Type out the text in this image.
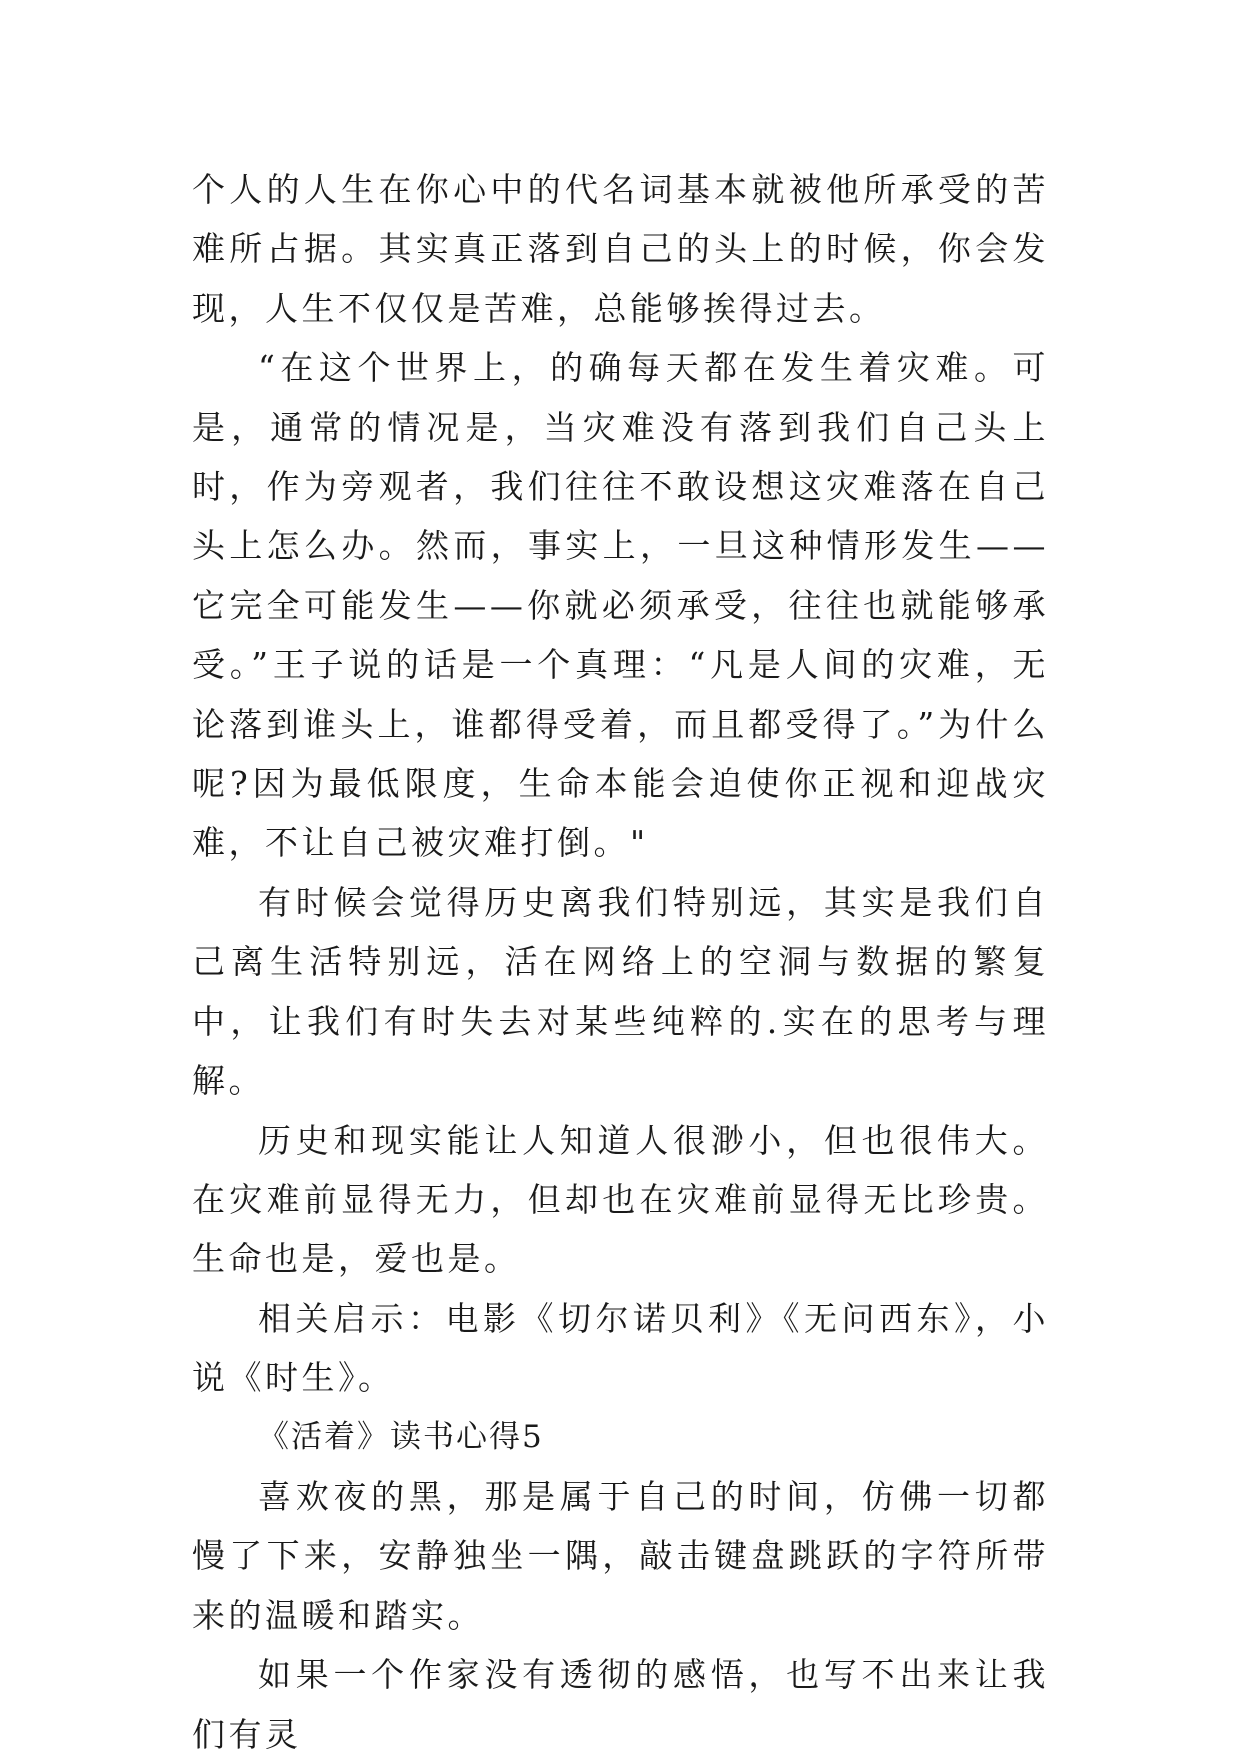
个人的人生在你心中的代名词基本就被他所承受的苦难所占据。其实真正落到自己的头上的时候，你会发现，人生不仅仅是苦难，总能够挨得过去。

“在这个世界上，的确每天都在发生着灾难。可是，通常的情况是，当灾难没有落到我们自己头上时，作为旁观者，我们往往不敢设想这灾难落在自己头上怎么办。然而，事实上，一旦这种情形发生——它完全可能发生——你就必须承受，往往也就能够承受。”王子说的话是一个真理：“凡是人间的灾难，无论落到谁头上，谁都得受着，而且都受得了。”为什么呢?因为最低限度，生命本能会迫使你正视和迎战灾难，不让自己被灾难打倒。"

有时候会觉得历史离我们特别远，其实是我们自己离生活特别远，活在网络上的空洞与数据的繁复中，让我们有时失去对某些纯粹的.实在的思考与理解。

历史和现实能让人知道人很渺小，但也很伟大。在灾难前显得无力，但却也在灾难前显得无比珍贵。生命也是，爱也是。

相关启示：电影《切尔诺贝利》《无问西东》，小说《时生》。

《活着》读书心得5

喜欢夜的黑，那是属于自己的时间，仿佛一切都慢了下来，安静独坐一隅，敲击键盘跳跃的字符所带来的温暖和踏实。

如果一个作家没有透彻的感悟，也写不出来让我们有灵
